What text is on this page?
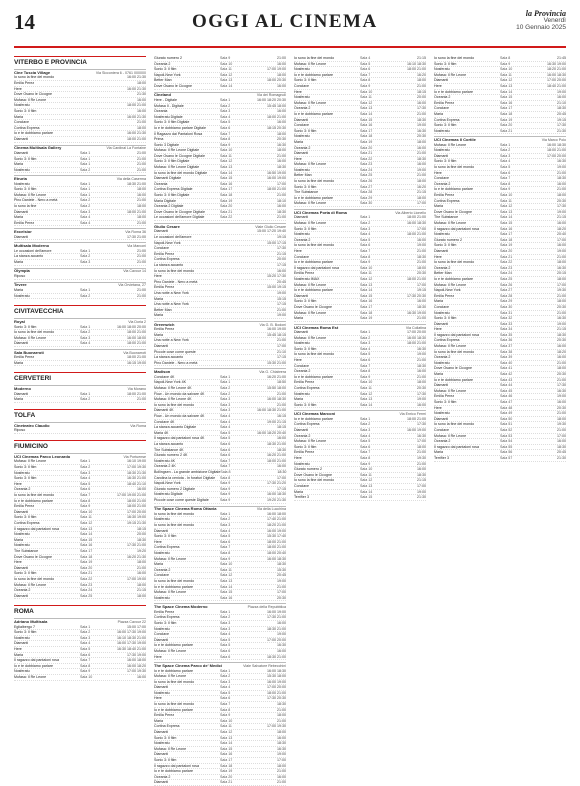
14	OGGI AL CINEMA	la Provincia
Venerdì
10 Gennaio 2025
VITERBO E PROVINCIA
Cine Tuscia Village	Via Sicconiera 6 - 0761 000000
Io sono la fine del mondo	16:00 21:30
Emilia Perez	18:00
Here	16:00 21:30
Dove Osano le Cicogne	21:30
Mufasa: Il Re Leone	16:00
Nosferatu	18:00 21:00
Sonic 3: Il film	16:00
Maria	16:00 21:30
Conclave	21:00
Cortina Express	18:00
Io e te dobbiamo parlare	16:00 21:30
Diamanti	18:00 21:00
Cinema Multisala Gallery	Via Cardinal La Fontaine
Diamanti	Sala 1	21:00
Sonic 3: Il film	Sala 1	21:00
Maria	Sala 1	21:00
Nosferatu	Sala 2	21:00
Etruria	Via della Caserma
Nosferatu	Sala 1	18:30 21:00
Sonic 3: Il film	Sala 1	18:00
Mufasa: Il Re Leone	Sala 1	16:00
Pino Daniele - Nero a metà	Sala 2	21:00
Io sono la fine	Sala 2	18:00
Diamanti	Sala 3	18:00 21:00
Maria	Sala 4	18:00
Emilia Perez	Sala 4	21:00
Excelsior	Via Roma 36
Diamanti	17:30 21:00
Multisala Moderno	Via Marconi
Le occasioni dell'amore	Sala 1	21:00
La stanza accanto	Sala 2	21:00
Maria	Sala 3	21:00
Olympia	Via Cavour 14
Riposo
Tevere	Via Orvietana, 27
Maria	Sala 1	21:00
Nosferatu	Sala 2	21:00
CIVITAVECCHIA
Royal	Via Doria 2
Sonic 3: Il film	Sala 1	16:00 18:00 20:00
Io sono la fine del mondo	Sala 2	18:00 21:00
Mufasa: Il Re Leone	Sala 3	16:00 18:00
Diamanti	Sala 4	18:00 21:00
Sala Buonarroti	Via Buonarroti
Emilia Perez	18:00 21:00
Maria	16:15 19:00
CERVETERI
Moderno	Via Morano
Diamanti	Sala 1	18:00 21:00
Maria	Sala 2	21:00
TOLFA
Cineteatro Claudio	Via Roma
Riposo
FIUMICINO
UCI Cinemas Parco Leonardo	Via Portuense
Mufasa: Il Re Leone	Sala 1	16:10 19:00
Sonic 3: Il film	Sala 2	17:00 19:30
Nosferatu	Sala 3	18:30 21:30
Sonic 3: Il film	Sala 4	16:30 21:00
Here	Sala 5	18:40 21:10
Oceania 2	Sala 6	16:00
Io sono la fine del mondo	Sala 7	17:00 19:00 21:00
Io e te dobbiamo parlare	Sala 8	18:00 21:00
Emilia Perez	Sala 9	18:00 21:00
Diamanti	Sala 10	17:00 20:00
Sonic 3: Il film	Sala 11	16:30 19:00
Cortina Express	Sala 12	19:15 21:30
Il ragazzo dai pantaloni rosa	Sala 13	18:15
Nosferatu	Sala 14	20:00
Maria	Sala 15	18:30
Nosferatu	Sala 16	17:30 21:00
The Substance	Sala 17	19:20
Dove Osano le Cicogne	Sala 18	16:20 21:30
Here	Sala 19	18:00
Diamanti	Sala 20	21:00
Sonic 3: Il film	Sala 21	16:00
Io sono la fine del mondo	Sala 22	17:00 19:00
Mufasa: Il Re Leone	Sala 23	18:00
Oceania 2	Sala 24	21:15
Diamanti	Sala 25	18:00
ROMA
Adriano Multisala	Piazza Cavour 22
Eglialbergo 7	Sala 1	15:00 17:00
Sonic 3: Il film	Sala 2	16:00 17:30 19:00
Nosferatu	Sala 3	16:10 18:30 21:00
Diamanti	Sala 4	16:00 17:30 19:00
Here	Sala 5	16:30 18:40 21:00
Maria	Sala 6	17:30 19:00
Il ragazzo dai pantaloni rosa	Sala 7	16:00 18:00
Io e te dobbiamo parlare	Sala 8	16:00 18:20
Nosferatu	Sala 9	17:00 19:30
Mufasa: Il Re Leone	Sala 10	16:00
Giurato numero 2	Sala 9	21:00
Oceania 2	Sala 10	16:00
Sonic 3: Il film	Sala 11	17:00 19:00
Napoli-New York	Sala 12	18:00
Better Man	Sala 13	18:00 20:30
Dove Osano le Cicogne	Sala 14	16:00
Cineland	Via dei Romagnoli
Here - Digitale	Sala 1	16:00 18:20 20:30
Mufasa Il - Digitale	Sala 2	15:45 18:00
Oceania	Sala 3	16:00
Nosferatu Digitale	Sala 4	18:00 21:00
Sonic 3: Il film Digitale	Sala 5	16:00
Io e te dobbiamo parlare Digitale	Sala 6	18:15 20:30
Il Ragazzo dai Pantaloni Rosa	Sala 7	18:00
Prima	Sala 8	20:30
Sonic 3 Digitale	Sala 9	16:30
Mufasa: Il Re Leone Digitale	Sala 10	18:00
Dove Osano le Cicogne Digitale	Sala 11	21:00
Sonic 3: Il film Digitale	Sala 12	16:00
Mufasa: Il Re Leone Digitale	Sala 13	18:30
Io sono la fine del mondo Digitale	Sala 14	16:50 19:00
Diamanti Digitale	Sala 15	16:00 19:00
Oceania	Sala 16	17:00
Cortina Express Digitale	Sala 17	18:00 21:00
Sonic 3: Il film Digitale	Sala 18	21:00
Maria Digitale	Sala 19	18:10
Oceania 2 Digitale	Sala 20	16:00
Dove Osano le Cicogne Digitale	Sala 21	18:30
Le occasioni dell'amore Digitale	Sala 22	21:00
Giulio Cesare	Viale Giulio Cesare
Diamanti	15:00 17:20 19:40
Le occasioni dell'amore	19:15
Napoli-New York	15:00 17:15
Conclave	17:30
Emilia Perez	21:15
Cortina Express	20:00
La stanza accanto	17:15
Io sono la fine del mondo	16:00
Here	15:20 17:30
Pino Daniele - Nero a metà	20:45
Emilia Perez	15:00 19:15
Una notte a New York	19:00
Maria	15:15
Una notte a New York	17:15
Better Man	21:00
Maria	19:00
Greenwich	Via G. B. Bodoni
Emilia Perez	16:00 19:00
Maria	15:45 18:15
Una notte a New York	21:00
Diamanti	17:00
Piccole cose come queste	21:10
La stanza accanto	17:15
Pino Daniele - Nero a metà	15:30 21:00
Madison	Via G. Chiabrera
Conclave 4K	Sala 1	16:20 21:00
Napoli-New York 4K	Sala 1	18:50
Mufasa: Il Re Leone 4K	Sala 2	15:50 18:00
Flow - Un mondo da salvare 4K	Sala 2	21:00
Mufasa: Il Re Leone 4K	Sala 3	16:00 18:30
Io sono la fine del mondo	Sala 3	21:00
Diamanti 4K	Sala 3	16:00 18:30 21:00
Flow - Un mondo da salvare 4K	Sala 4	16:15
Conclave 4K	Sala 4	19:00 21:15
La stanza accanto Digitale	Sala 4	18:15
Maria 4K	Sala 5	16:00 18:20 20:40
Il ragazzo dai pantaloni rosa 4K	Sala 5	16:00
La stanza accanto	Sala 6	18:30 21:00
The Substance 4K	Sala 6	18:30
Giurato numero 2 4K	Sala 6	16:20 21:00
Nosferatu 4K	Sala 7	18:00 21:00
Oceania 2 4K	Sala 7	16:00
Bollingsen - La grande ambizione Digitale Sala 8	18:30
Carolina la ceniota - In forafuri Digitale	Sala 8	17:00
Napoli-New York	Sala 9	17:30 21:20
Giurato numero 2 Digitale	Sala 9	17:15
Nosferatu Digitale	Sala 9	16:00 18:30
Piccole cose come queste Digitale	Sala 9	19:20 21:30
The Space Cinema Roma Ottavia	Via della Lucchina
Io sono la fine del mondo	Sala 1	16:00 18:00
Nosferatu	Sala 2	17:40 21:00
Io sono la fine del mondo	Sala 3	18:20 21:00
Diamanti	Sala 4	16:00 19:00
Sonic 3: Il film	Sala 5	15:30 17:40
Here	Sala 6	18:00 21:00
Cortina Express	Sala 7	18:00 21:00
Nosferatu	Sala 8	18:00 20:40
Mufasa: Il Re Leone	Sala 9	16:00 18:30
Maria	Sala 10	18:30
Oceania 2	Sala 11	15:30
Conclave	Sala 12	20:45
Io sono la fine del mondo	Sala 13	19:00
Io e te dobbiamo parlare	Sala 14	21:00
Mufasa: Il Re Leone	Sala 15	17:00
Nosferatu	Sala 16	20:30
The Space Cinema Moderno	Piazza della Repubblica
Emilia Perez	Sala 1	16:00 19:00
Cortina Express	Sala 2	17:30 21:00
Sonic 3: Il film	Sala 3	16:00
Nosferatu	Sala 3	18:30 21:00
Conclave	Sala 4	19:00
Diamanti	Sala 5	17:00 20:00
Io e te dobbiamo parlare	Sala 5	16:30
Mufasa: Il Re Leone	Sala 6	16:00
Here	Sala 6	18:30 21:00
The Space Cinema Parco de' Medici	Viale Salvatore Rebecchini
Io e te dobbiamo parlare	Sala 1	16:00 18:30
Mufasa: Il Re Leone	Sala 2	15:30 18:00
Io sono la fine del mondo	Sala 3	16:00 19:00
Diamanti	Sala 4	17:00 20:00
Nosferatu	Sala 5	18:00 21:00
Here	Sala 6	17:30 20:30
Io sono la fine del mondo	Sala 7	18:30
Io e te dobbiamo parlare	Sala 8	21:00
Emilia Perez	Sala 9	18:00
Maria	Sala 10	21:00
Cortina Express	Sala 11	17:00 19:30
Diamanti	Sala 12	18:00
Sonic 3: Il film	Sala 13	16:00
Nosferatu	Sala 14	18:30
Mufasa: Il Re Leone	Sala 15	16:30
Diamanti	Sala 16	19:00
Sonic 3: Il film	Sala 17	17:00
Il ragazzo dai pantaloni rosa	Sala 18	18:00
Io e te dobbiamo parlare	Sala 19	21:00
Oceania 2	Sala 20	16:00
Diamanti	Sala 21	21:00
Io sono la fine del mondo	Sala 4	21:15
Mufasa: Il Re Leone	Sala 5	16:10 18:30
Nosferatu	Sala 6	18:00 21:00
Io e te dobbiamo parlare	Sala 7	16:20
Sonic 3: Il film	Sala 8	18:00
Conclave	Sala 9	21:00
Here	Sala 10	18:15
Nosferatu	Sala 11	20:00
Mufasa: Il Re Leone	Sala 12	16:00
Oceania 2	Sala 13	17:30
Io e te dobbiamo parlare	Sala 14	21:00
Diamanti	Sala 15	18:30
Conclave	Sala 16	19:00
Sonic 3: Il film	Sala 17	16:30
Nosferatu	Sala 18	20:30
Maria	Sala 19	18:00
Oceania 2	Sala 20	16:00
Diamanti	Sala 21	21:00
Here	Sala 22	18:30
Mufasa: Il Re Leone	Sala 23	16:00
Nosferatu	Sala 24	19:00
Better Man	Sala 25	21:00
Io sono la fine del mondo	Sala 26	18:00
Sonic 3: Il film	Sala 27	16:20
The Substance	Sala 28	21:15
Io e te dobbiamo parlare	Sala 29	18:00
Mufasa: Il Re Leone	Sala 30	17:00
UCI Cinemas Porta di Roma	Via Alberto Lionello
Diamanti	Sala 1	18:00 21:00
Mufasa: Il Re Leone	Sala 2	16:00 18:30
Sonic 3: Il film	Sala 3	17:00
Nosferatu	Sala 4	18:00 21:00
Oceania 2	Sala 5	16:00
Io sono la fine del mondo	Sala 6	19:00
Here	Sala 7	21:00
Conclave	Sala 8	18:30
Io e te dobbiamo parlare	Sala 9	21:00
Il ragazzo dai pantaloni rosa	Sala 10	18:00
Emilia Perez	Sala 11	20:30
Nosferatu IMAX	Sala 12	18:00 21:00
Mufasa: Il Re Leone	Sala 13	17:00
Io e te dobbiamo parlare	Sala 14	19:15
Diamanti	Sala 15	17:30 20:30
Sonic 3: Il film	Sala 16	16:00
Dove Osano le Cicogne	Sala 17	18:30
Mufasa: Il Re Leone	Sala 18	16:30 19:00
Maria	Sala 19	21:00
UCI Cinemas Roma Est	Via Collatina
Diamanti	Sala 1	17:00 20:00
Mufasa: Il Re Leone	Sala 2	16:00 18:30
Nosferatu	Sala 3	18:00 21:00
Sonic 3: Il film	Sala 4	16:30
Io sono la fine del mondo	Sala 5	19:00
Here	Sala 6	21:00
Conclave	Sala 7	18:30
Oceania 2	Sala 8	16:00
Io e te dobbiamo parlare	Sala 9	21:00
Emilia Perez	Sala 10	18:00
Cortina Express	Sala 11	20:30
Nosferatu	Sala 12	17:30
Maria	Sala 13	19:00
Sonic 3: Il film	Sala 14	16:00
UCI Cinemas Marconi	Via Enrico Fermi
Io e te dobbiamo parlare	Sala 1	18:00 21:00
Cortina Express	Sala 2	17:30
Diamanti	Sala 3	16:00 19:00
Oceania 2	Sala 4	16:30
Mufasa: Il Re Leone	Sala 5	17:00
Sonic 3: Il film	Sala 6	18:00
Emilia Perez	Sala 7	21:00
Here	Sala 8	19:30
Nosferatu	Sala 9	21:00
Giurato numero 2	Sala 10	16:00
Dove Osano le Cicogne	Sala 11	18:30
Io sono la fine del mondo	Sala 12	21:15
Conclave	Sala 13	17:00
Maria	Sala 14	19:00
Terrifier 3	Sala 15	21:30
Io sono la fine del mondo	Sala 8	21:45
Sonic 3: Il film	Sala 9	16:30 19:00
Nosferatu	Sala 10	18:20 21:00
Mufasa: Il Re Leone	Sala 11	16:00 18:30
Diamanti	Sala 12	17:00 20:00
Here	Sala 13	18:40 21:00
Io e te dobbiamo parlare	Sala 14	19:00
Oceania 2	Sala 15	16:00
Emilia Perez	Sala 16	21:10
Conclave	Sala 17	18:30
Maria	Sala 18	20:45
Cortina Express	Sala 19	19:15
Sonic 3: Il film	Sala 20	17:30
Nosferatu	Sala 21	21:30
UCI Cinemas Il Cortile	Via Marco Polo
Mufasa: Il Re Leone	Sala 1	16:00 18:30
Nosferatu	Sala 2	18:00 21:00
Diamanti	Sala 3	17:00 20:00
Sonic 3: Il film	Sala 4	16:30
Io sono la fine del mondo	Sala 5	19:00
Here	Sala 6	21:00
Conclave	Sala 7	18:30
Oceania 2	Sala 8	16:00
Io e te dobbiamo parlare	Sala 9	21:00
Emilia Perez	Sala 10	18:00
Cortina Express	Sala 11	20:30
Maria	Sala 12	17:30
Dove Osano le Cicogne	Sala 13	19:00
The Substance	Sala 14	21:15
Mufasa: Il Re Leone	Sala 15	16:00
Il ragazzo dai pantaloni rosa	Sala 16	18:20
Nosferatu	Sala 17	20:40
Giurato numero 2	Sala 18	17:00
Sonic 3: Il film	Sala 19	16:00
Diamanti	Sala 20	19:00
Here	Sala 21	21:00
Io sono la fine del mondo	Sala 22	18:00
Oceania 2	Sala 23	16:30
Better Man	Sala 24	20:15
Io e te dobbiamo parlare	Sala 25	18:00
Mufasa: Il Re Leone	Sala 26	17:00
Napoli-New York	Sala 27	19:30
Emilia Perez	Sala 28	21:00
Maria	Sala 29	18:00
Conclave	Sala 30	20:30
Nosferatu	Sala 31	21:00
Sonic 3: Il film	Sala 32	16:30
Diamanti	Sala 33	19:00
Here	Sala 34	21:15
Il ragazzo dai pantaloni rosa	Sala 35	18:30
Cortina Express	Sala 36	20:30
Mufasa: Il Re Leone	Sala 37	16:00
Io sono la fine del mondo	Sala 38	18:20
Oceania 2	Sala 39	16:00
Nosferatu	Sala 40	21:00
Dove Osano le Cicogne	Sala 41	18:00
Maria	Sala 42	20:30
Io e te dobbiamo parlare	Sala 43	21:00
Diamanti	Sala 44	17:30
Mufasa: Il Re Leone	Sala 45	16:30
Emilia Perez	Sala 46	19:00
Sonic 3: Il film	Sala 47	16:00
Here	Sala 48	20:30
Nosferatu	Sala 49	21:00
Diamanti	Sala 50	18:00
Io sono la fine del mondo	Sala 51	19:30
Conclave	Sala 52	21:00
Mufasa: Il Re Leone	Sala 53	17:00
Oceania 2	Sala 54	16:00
Il ragazzo dai pantaloni rosa	Sala 55	18:30
Maria	Sala 56	20:45
Terrifier 3	Sala 57	21:30
